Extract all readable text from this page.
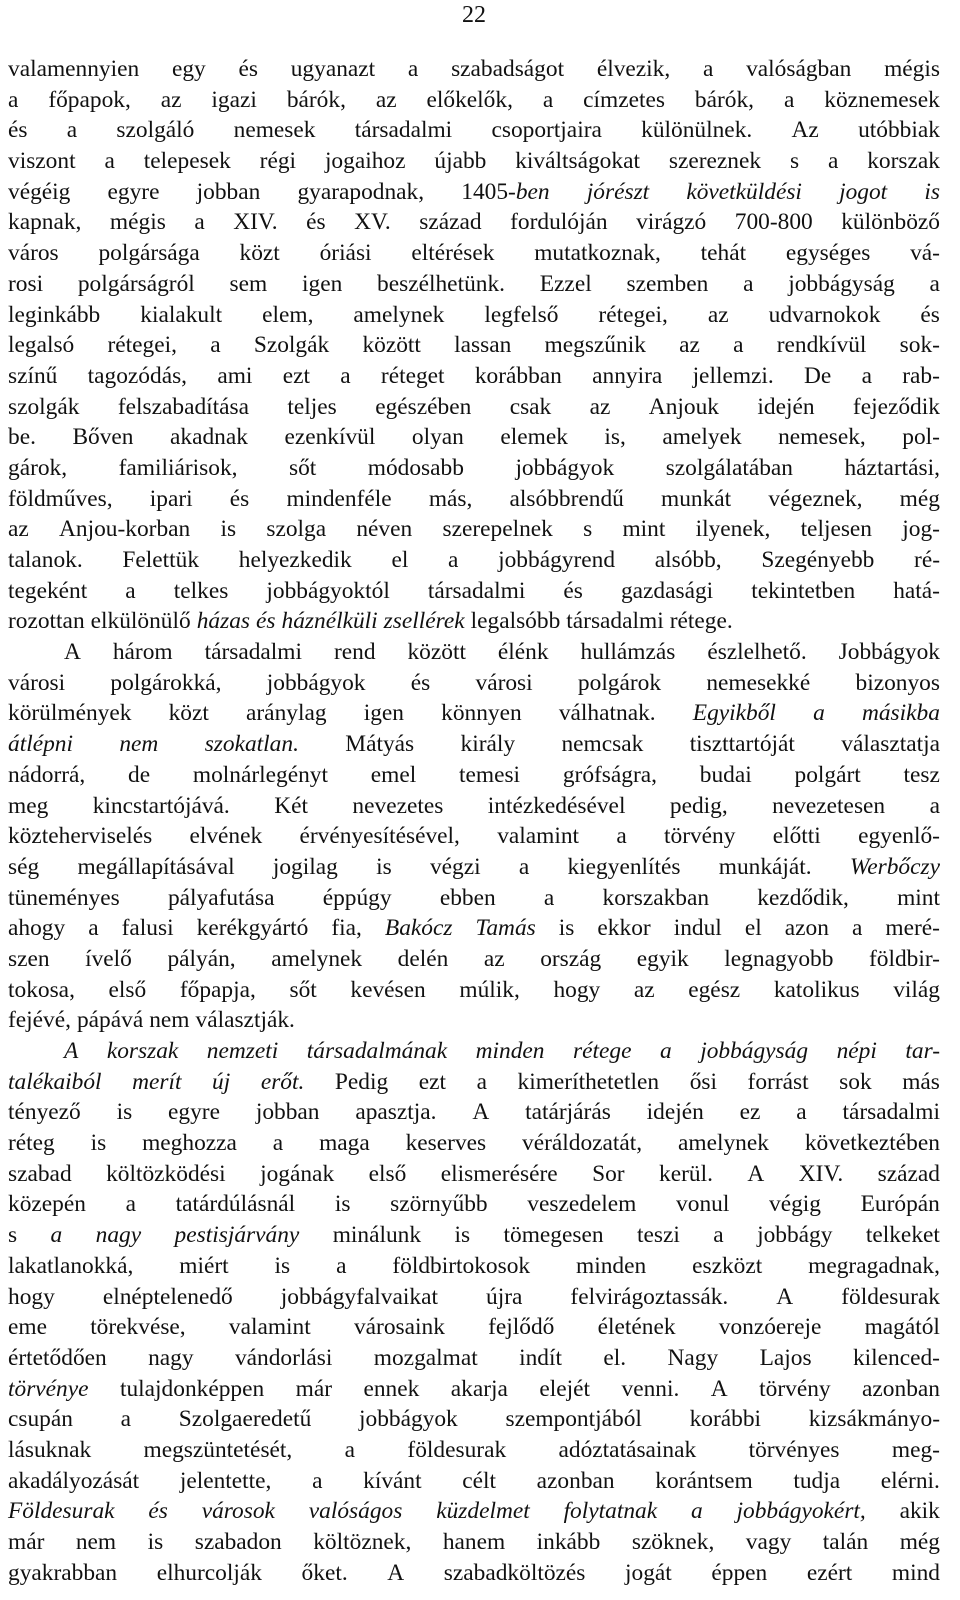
22
valamennyien egy és ugyanazt a szabadságot élvezik, a valóságban mégis
a főpapok, az igazi bárók, az előkelők, a címzetes bárók, a köznemesek
és a szolgáló nemesek társadalmi csoportjaira különülnek. Az utóbbiak
viszont a telepesek régi jogaihoz újabb kiváltságokat szereznek s a korszak
végéig egyre jobban gyarapodnak, 1405-ben jórészt követküldési jogot is
kapnak, mégis a XIV. és XV. század fordulóján virágzó 700-800 különböző
város polgársága közt óriási eltérések mutatkoznak, tehát egységes vá-
rosi polgárságról sem igen beszélhetünk. Ezzel szemben a jobbágyság a
leginkább kialakult elem, amelynek legfelső rétegei, az udvarnokok és
legalsó rétegei, a Szolgák között lassan megszűnik az a rendkívül sok-
színű tagozódás, ami ezt a réteget korábban annyira jellemzi. De a rab-
szolgák felszabadítása teljes egészében csak az Anjouk idején fejeződik
be. Bőven akadnak ezenkívül olyan elemek is, amelyek nemesek, pol-
gárok, familiárisok, sőt módosabb jobbágyok szolgálatában háztartási,
földműves, ipari és mindenféle más, alsóbbrendű munkát végeznek, még
az Anjou-korban is szolga néven szerepelnek s mint ilyenek, teljesen jog-
talanok. Felettük helyezkedik el a jobbágyrend alsóbb, Szegényebb ré-
tegeként a telkes jobbágyoktól társadalmi és gazdasági tekintetben hatá-
rozottan elkülönülő házas és háznélküli zsellérek legalsóbb társadalmi rétege.
A három társadalmi rend között élénk hullámzás észlelhető. Jobbágyok
városi polgárokká, jobbágyok és városi polgárok nemesekké bizonyos
körülmények közt aránylag igen könnyen válhatnak. Egyikből a másikba
átlépni nem szokatlan. Mátyás király nemcsak tiszttartóját választatja
nádorrá, de molnárlegényt emel temesi grófságra, budai polgárt tesz
meg kincstartójává. Két nevezetes intézkedésével pedig, nevezetesen a
közteherviselés elvének érvényesítésével, valamint a törvény előtti egyenlő-
ség megállapításával jogilag is végzi a kiegyenlítés munkáját. Werbőczy
tüneményes pályafutása éppúgy ebben a korszakban kezdődik, mint
ahogy a falusi kerékgyártó fia, Bakócz Tamás is ekkor indul el azon a meré-
szen ívelő pályán, amelynek delén az ország egyik legnagyobb földbir-
tokosa, első főpapja, sőt kevésen múlik, hogy az egész katolikus világ
fejévé, pápává nem választják.
A korszak nemzeti társadalmának minden rétege a jobbágyság népi tar-
talékaiból merít új erőt. Pedig ezt a kimeríthetetlen ősi forrást sok más
tényező is egyre jobban apasztja. A tatárjárás idején ez a társadalmi
réteg is meghozza a maga keserves véráldozatát, amelynek következtében
szabad költözködési jogának első elismerésére Sor kerül. A XIV. század
közepén a tatárdúlásnál is szörnyűbb veszedelem vonul végig Európán
s a nagy pestisjárvány minálunk is tömegesen teszi a jobbágy telkeket
lakatlanokká, miért is a földbirtokosok minden eszközt megragadnak,
hogy elnéptelenedő jobbágyfalvaikat újra felvirágoztassák. A földesurak
eme törekvése, valamint városaink fejlődő életének vonzóereje magától
értetődően nagy vándorlási mozgalmat indít el. Nagy Lajos kilenced-
törvénye tulajdonképpen már ennek akarja elejét venni. A törvény azonban
csupán a Szolgaeredetű jobbágyok szempontjából korábbi kizsákmányo-
lásuknak megszüntetését, a földesurak adóztatásainak törvényes meg-
akadályozását jelentette, a kívánt célt azonban korántsem tudja elérni.
Földesurak és városok valóságos küzdelmet folytatnak a jobbágyokért, akik
már nem is szabadon költöznek, hanem inkább szöknek, vagy talán még
gyakrabban elhurcolják őket. A szabadköltözés jogát éppen ezért mind
